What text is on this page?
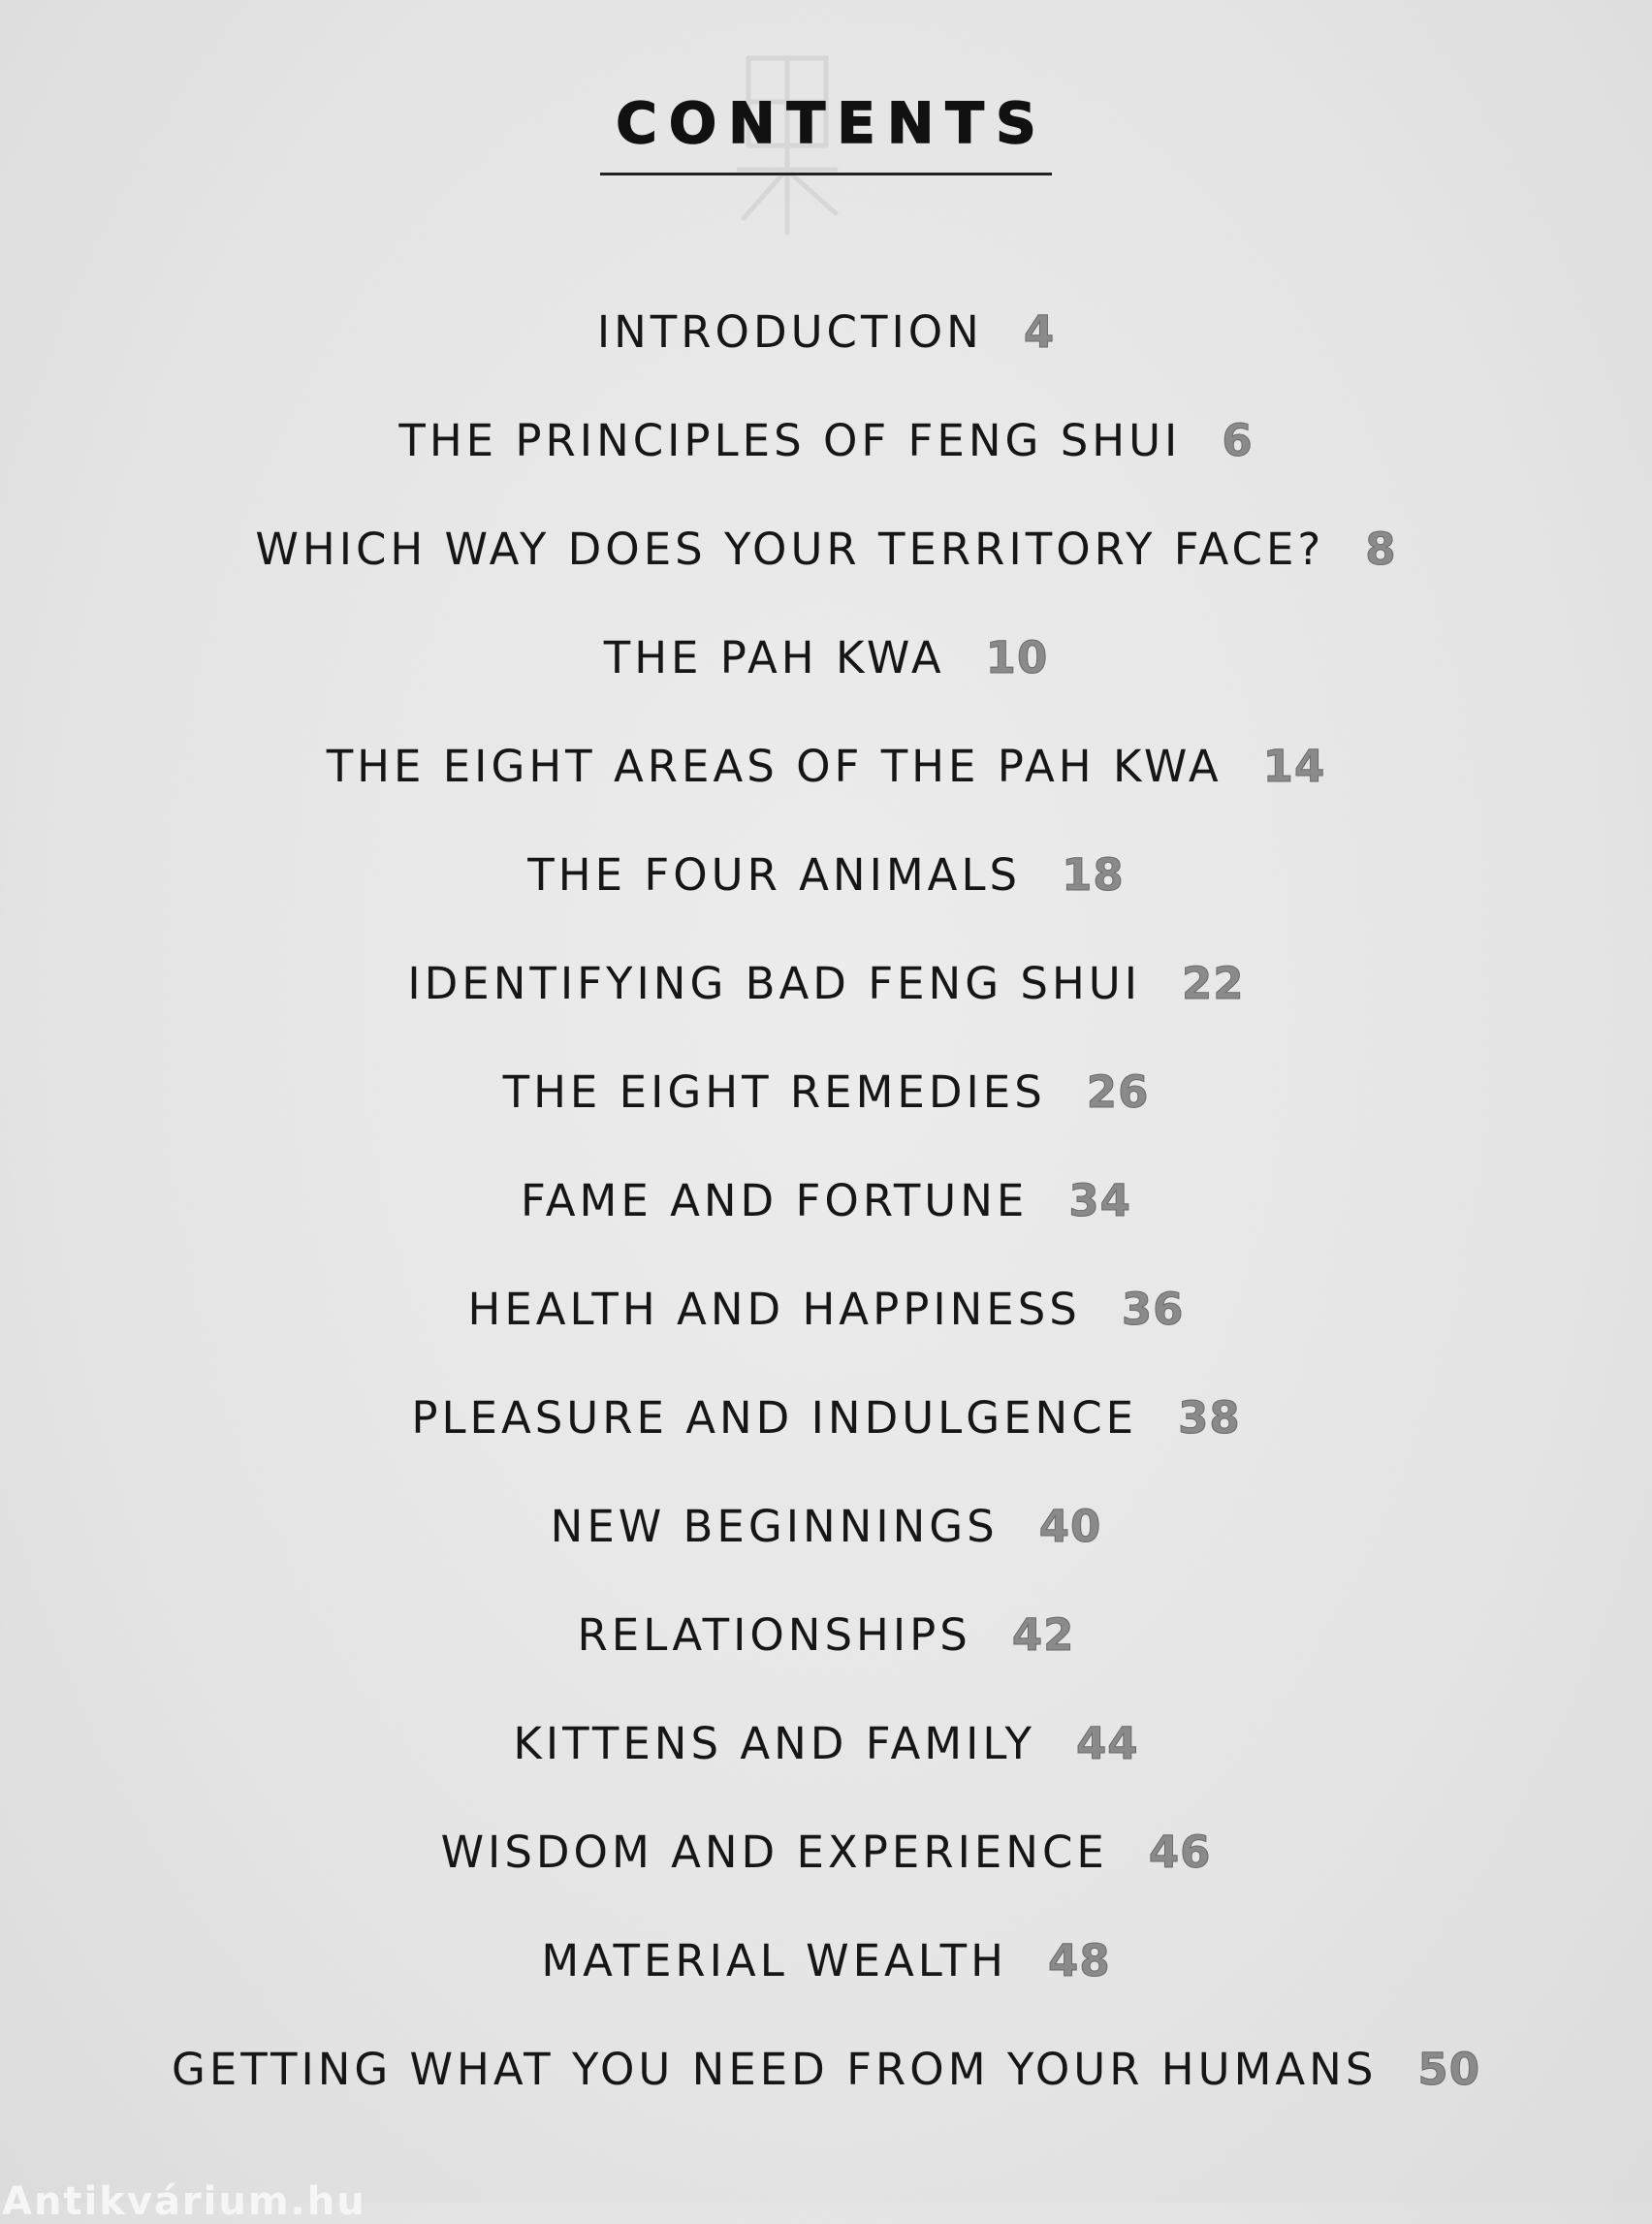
CONTENTS
INTRODUCTION 4
THE PRINCIPLES OF FENG SHUI 6
WHICH WAY DOES YOUR TERRITORY FACE? 8
THE PAH KWA 10
THE EIGHT AREAS OF THE PAH KWA 14
THE FOUR ANIMALS 18
IDENTIFYING BAD FENG SHUI 22
THE EIGHT REMEDIES 26
FAME AND FORTUNE 34
HEALTH AND HAPPINESS 36
PLEASURE AND INDULGENCE 38
NEW BEGINNINGS 40
RELATIONSHIPS 42
KITTENS AND FAMILY 44
WISDOM AND EXPERIENCE 46
MATERIAL WEALTH 48
GETTING WHAT YOU NEED FROM YOUR HUMANS 50
Antikvárium.hu
